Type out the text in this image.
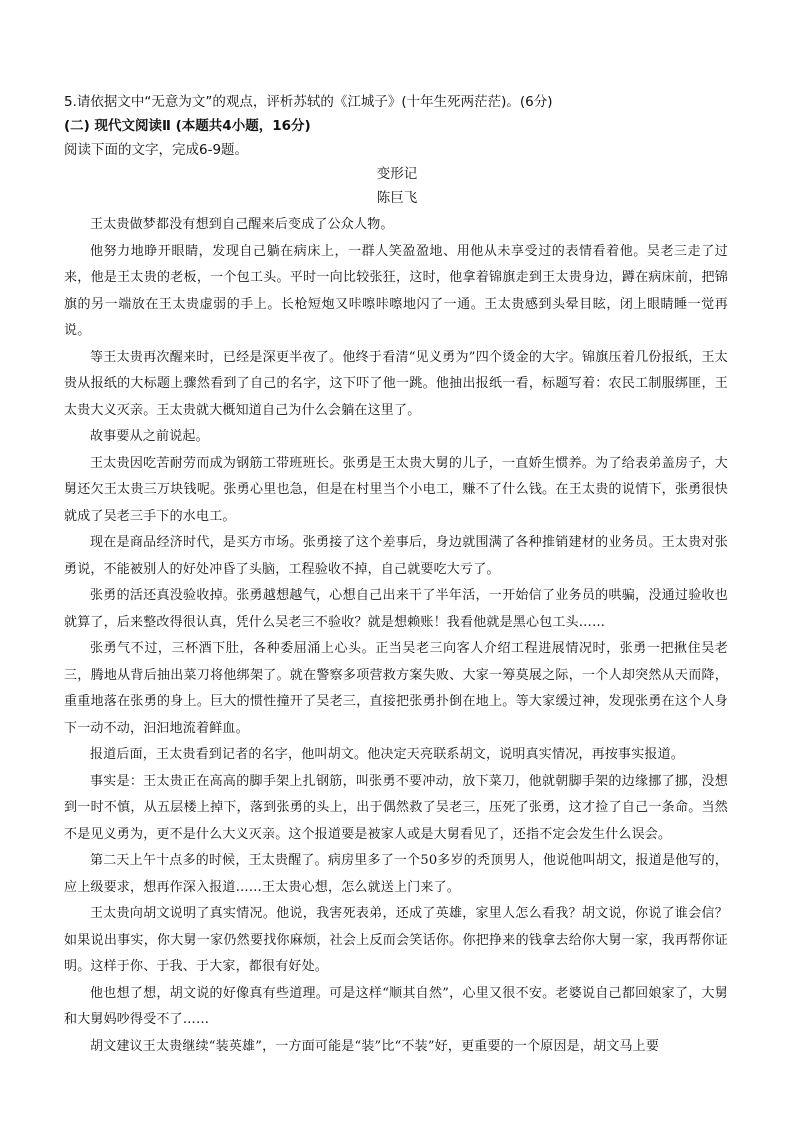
5.请依据文中“无意为文”的观点，评析苏轼的《江城子》(十年生死两茫茫)。(6分)
(二) 现代文阅读Ⅱ (本题共4小题，16分)
阅读下面的文字，完成6-9题。
变形记
陈巨飞

王太贵做梦都没有想到自己醒来后变成了公众人物。

他努力地睁开眼睛，发现自己躺在病床上，一群人笑盈盈地、用他从未享受过的表情看着他。吴老三走了过来，他是王太贵的老板，一个包工头。平时一向比较张狂，这时，他拿着锦旗走到王太贵身边，蹲在病床前，把锦旗的另一端放在王太贵虚弱的手上。长枪短炮又咔嚓咔嚓地闪了一通。王太贵感到头晕目眩，闭上眼睛睡一觉再说。

等王太贵再次醒来时，已经是深更半夜了。他终于看清“见义勇为”四个烫金的大字。锦旗压着几份报纸，王太贵从报纸的大标题上骤然看到了自己的名字，这下吓了他一跳。他抽出报纸一看，标题写着：农民工制服绑匪，王太贵大义灭亲。王太贵就大概知道自己为什么会躺在这里了。

故事要从之前说起。

王太贵因吃苦耐劳而成为钢筋工带班班长。张勇是王太贵大舅的儿子，一直娇生惯养。为了给表弟盖房子，大舅还欠王太贵三万块钱呢。张勇心里也急，但是在村里当个小电工，赚不了什么钱。在王太贵的说情下，张勇很快就成了吴老三手下的水电工。

现在是商品经济时代，是买方市场。张勇接了这个差事后，身边就围满了各种推销建材的业务员。王太贵对张勇说，不能被别人的好处冲昏了头脑，工程验收不掉，自己就要吃大亏了。

张勇的活还真没验收掉。张勇越想越气，心想自己出来干了半年活，一开始信了业务员的哄骗，没通过验收也就算了，后来整改得很认真，凭什么吴老三不验收？就是想赖账！我看他就是黑心包工头……

张勇气不过，三杯酒下肚，各种委屈涌上心头。正当吴老三向客人介绍工程进展情况时，张勇一把揪住吴老三，腾地从背后抽出菜刀将他绑架了。就在警察多项营救方案失败、大家一筹莫展之际，一个人却突然从天而降，重重地落在张勇的身上。巨大的惯性撞开了吴老三，直接把张勇扑倒在地上。等大家缓过神，发现张勇在这个人身下一动不动，汩汩地流着鲜血。

报道后面，王太贵看到记者的名字，他叫胡文。他决定天亮联系胡文，说明真实情况，再按事实报道。

事实是：王太贵正在高高的脚手架上扎钢筋，叫张勇不要冲动，放下菜刀，他就朝脚手架的边缘挪了挪，没想到一时不慎，从五层楼上掉下，落到张勇的头上，出于偶然救了吴老三，压死了张勇，这才捡了自己一条命。当然不是见义勇为，更不是什么大义灭亲。这个报道要是被家人或是大舅看见了，还指不定会发生什么误会。

第二天上午十点多的时候，王太贵醒了。病房里多了一个50多岁的秃顶男人，他说他叫胡文，报道是他写的，应上级要求，想再作深入报道……王太贵心想，怎么就送上门来了。

王太贵向胡文说明了真实情况。他说，我害死表弟，还成了英雄，家里人怎么看我？胡文说，你说了谁会信？如果说出事实，你大舅一家仍然要找你麻烦，社会上反而会笑话你。你把挣来的钱拿去给你大舅一家，我再帮你证明。这样于你、于我、于大家，都很有好处。

他也想了想，胡文说的好像真有些道理。可是这样“顺其自然”，心里又很不安。老婆说自己都回娘家了，大舅和大舅妈吵得受不了……

胡文建议王太贵继续“装英雄”，一方面可能是“装”比“不装”好，更重要的一个原因是，胡文马上要
